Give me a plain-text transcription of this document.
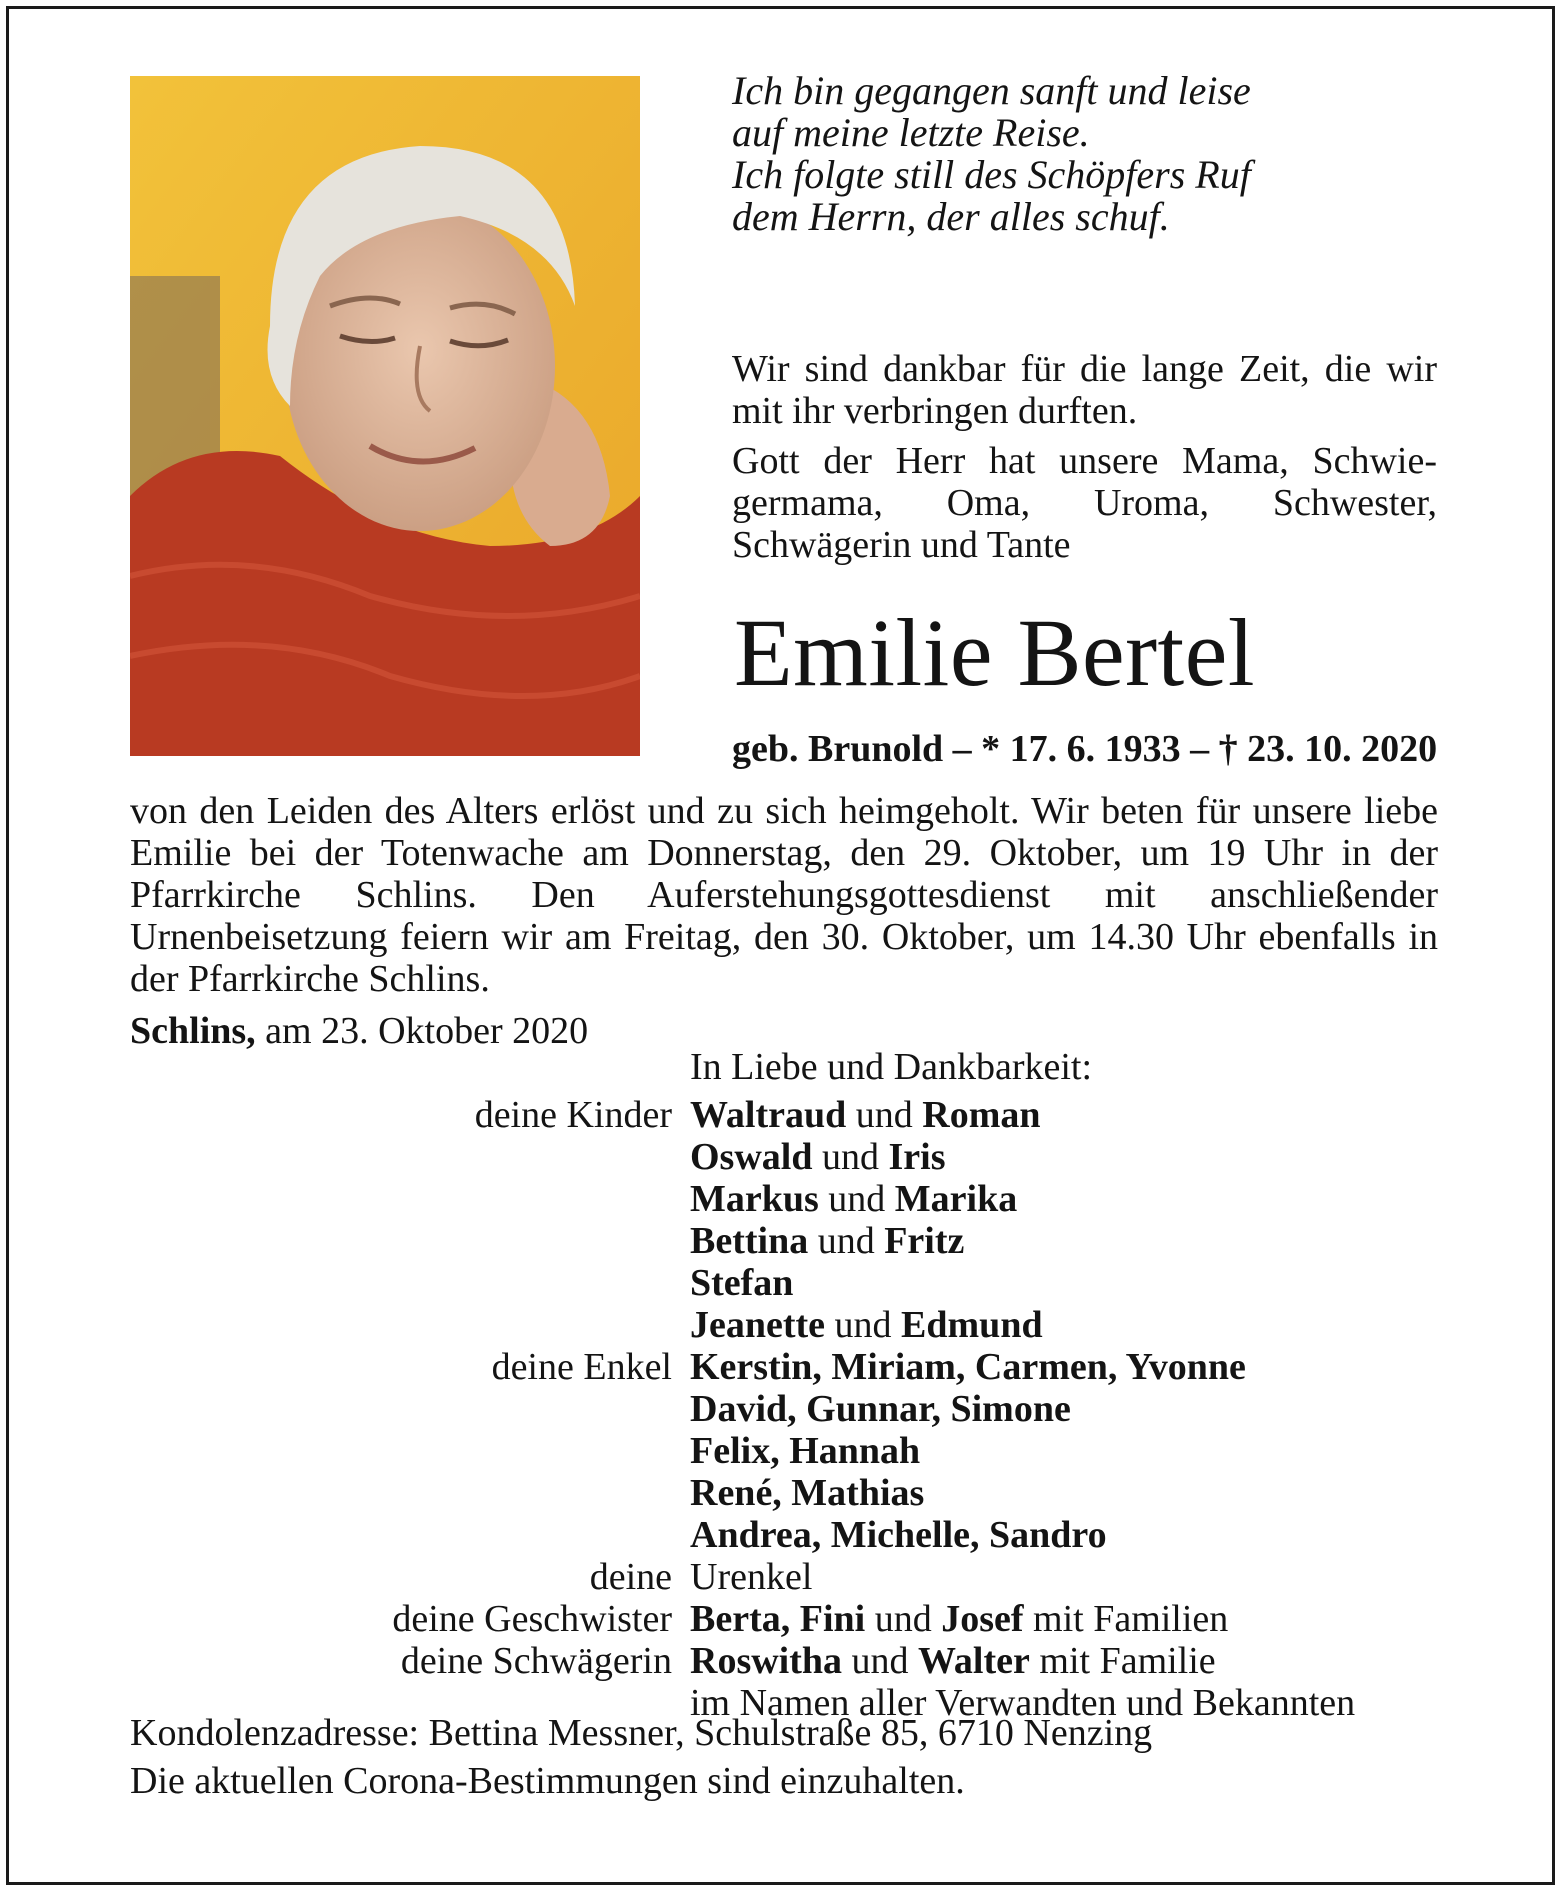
Ich bin gegangen sanft und leise
auf meine letzte Reise.
Ich folgte still des Schöpfers Ruf
dem Herrn, der alles schuf.
Wir sind dankbar für die lange Zeit, die wir mit ihr verbringen durften.
Gott der Herr hat unsere Mama, Schwiegermama, Oma, Uroma, Schwester, Schwägerin und Tante
Emilie Bertel
geb. Brunold – * 17. 6. 1933 – † 23. 10. 2020
von den Leiden des Alters erlöst und zu sich heimgeholt. Wir beten für unsere liebe Emilie bei der Totenwache am Donnerstag, den 29. Oktober, um 19 Uhr in der Pfarrkirche Schlins. Den Auferstehungsgottesdienst mit anschließender Urnenbeisetzung feiern wir am Freitag, den 30. Oktober, um 14.30 Uhr ebenfalls in der Pfarrkirche Schlins.
Schlins, am 23. Oktober 2020
In Liebe und Dankbarkeit:
deine Kinder Waltraud und Roman
Oswald und Iris
Markus und Marika
Bettina und Fritz
Stefan
Jeanette und Edmund
deine Enkel Kerstin, Miriam, Carmen, Yvonne
David, Gunnar, Simone
Felix, Hannah
René, Mathias
Andrea, Michelle, Sandro
deine Urenkel
deine Geschwister Berta, Fini und Josef mit Familien
deine Schwägerin Roswitha und Walter mit Familie
im Namen aller Verwandten und Bekannten
Kondolenzadresse: Bettina Messner, Schulstraße 85, 6710 Nenzing
Die aktuellen Corona-Bestimmungen sind einzuhalten.
